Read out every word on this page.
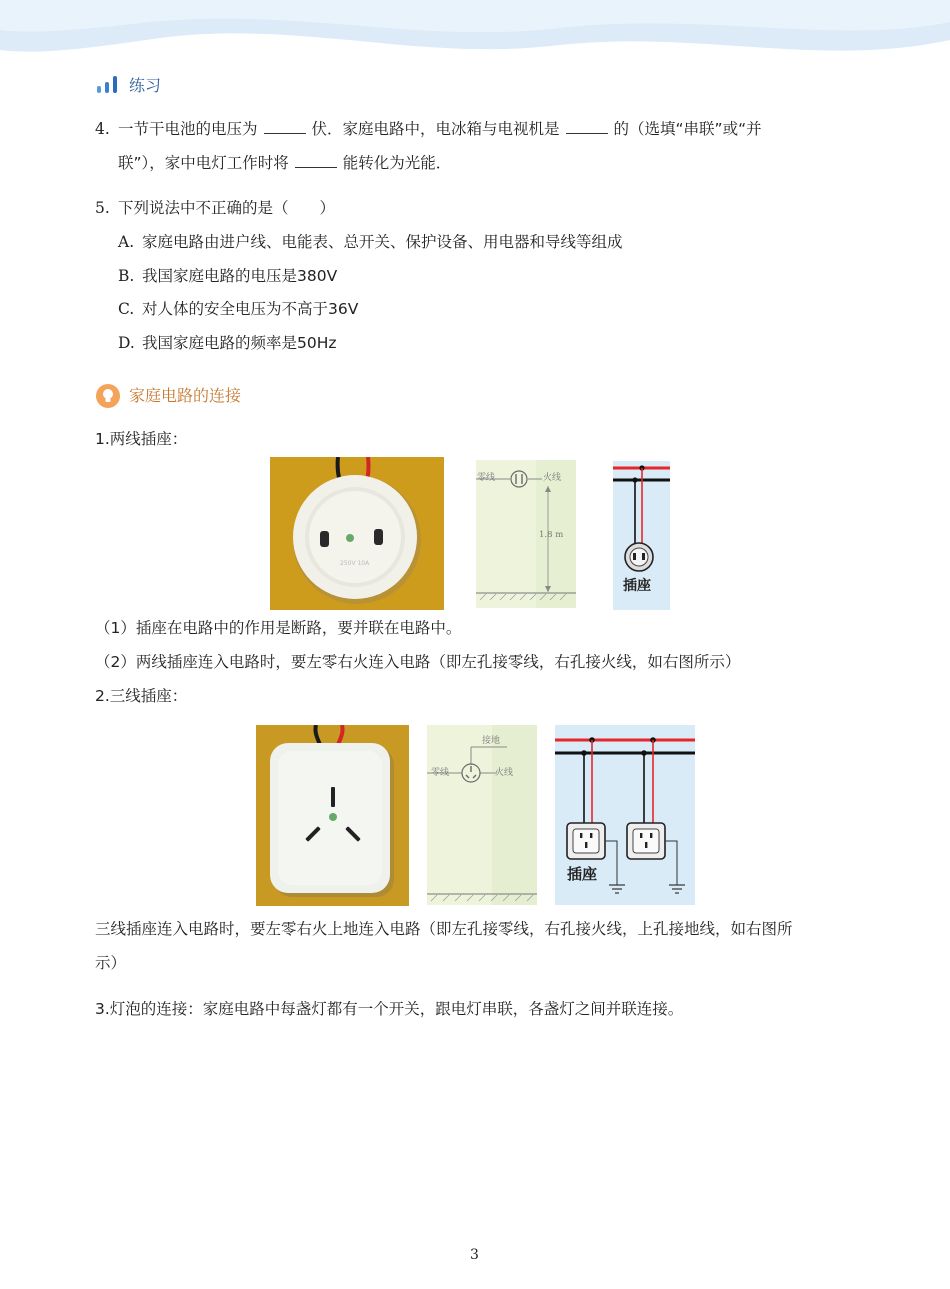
练习
4. 一节干电池的电压为	伏．家庭电路中，电冰箱与电视机是	的（选填“串联”或“并
联”），家中电灯工作时将	能转化为光能．
5. 下列说法中不正确的是（　　）
A. 家庭电路由进户线、电能表、总开关、保护设备、用电器和导线等组成
B. 我国家庭电路的电压是380V
C. 对人体的安全电压为不高于36V
D. 我国家庭电路的频率是50Hz
家庭电路的连接
1.两线插座：
250V 10A
零线	火线
1.8 m
插座
（1）插座在电路中的作用是断路，要并联在电路中。
（2）两线插座连入电路时，要左零右火连入电路（即左孔接零线，右孔接火线，如右图所示）
2.三线插座：
接地
零线	火线
插座
三线插座连入电路时，要左零右火上地连入电路（即左孔接零线，右孔接火线，上孔接地线，如右图所
示）
3.灯泡的连接：家庭电路中每盏灯都有一个开关，跟电灯串联，各盏灯之间并联连接。
3
